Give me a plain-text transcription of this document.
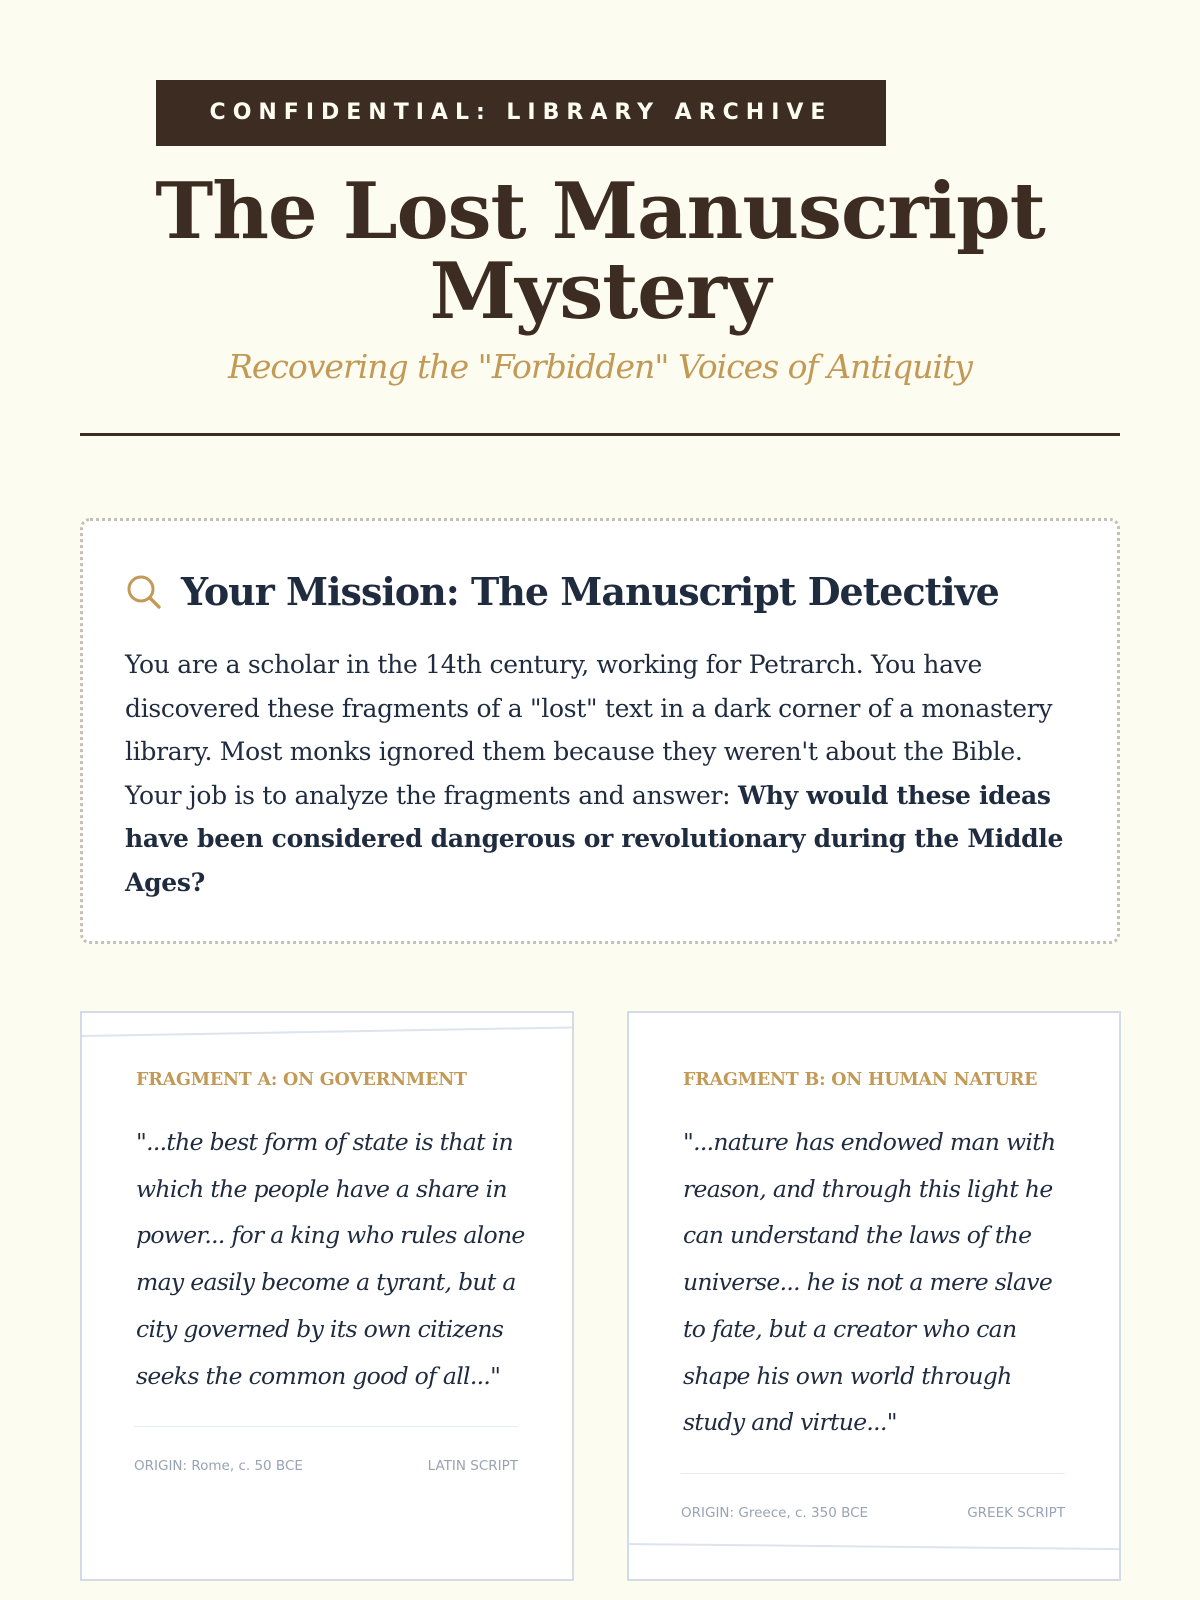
CONFIDENTIAL: LIBRARY ARCHIVE
The Lost Manuscript
Mystery
Recovering the "Forbidden" Voices of Antiquity
Your Mission: The Manuscript Detective

You are a scholar in the 14th century, working for Petrarch. You have discovered these fragments of a "lost" text in a dark corner of a monastery library. Most monks ignored them because they weren't about the Bible. Your job is to analyze the fragments and answer: Why would these ideas have been considered dangerous or revolutionary during the Middle Ages?

FRAGMENT A: ON GOVERNMENT

"...the best form of state is that in which the people have a share in power... for a king who rules alone may easily become a tyrant, but a city governed by its own citizens seeks the common good of all..."

ORIGIN: Rome, c. 50 BCE	LATIN SCRIPT
FRAGMENT B: ON HUMAN NATURE

"...nature has endowed man with reason, and through this light he can understand the laws of the universe... he is not a mere slave to fate, but a creator who can shape his own world through study and virtue..."

ORIGIN: Greece, c. 350 BCE	GREEK SCRIPT
